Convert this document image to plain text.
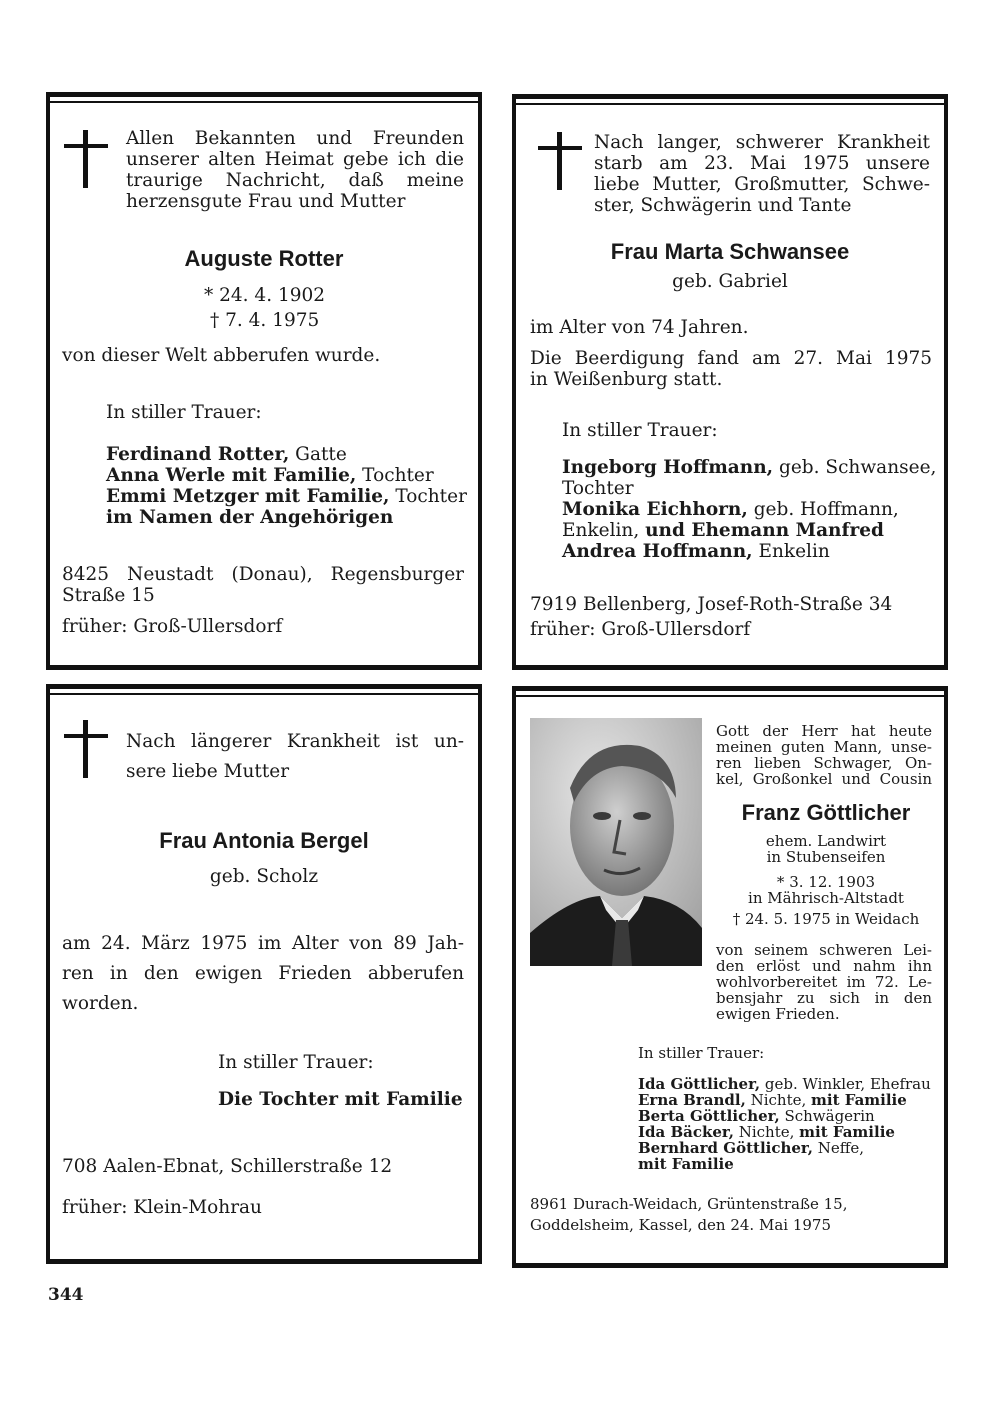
Allen Bekannten und Freunden
unserer alten Heimat gebe ich die
traurige Nachricht, daß meine
herzensgute Frau und Mutter
Auguste Rotter
* 24. 4. 1902
† 7. 4. 1975
von dieser Welt abberufen wurde.
In stiller Trauer:
Ferdinand Rotter, Gatte
Anna Werle mit Familie, Tochter
Emmi Metzger mit Familie, Tochter
im Namen der Angehörigen
8425 Neustadt (Donau), Regensburger
Straße 15
früher: Groß-Ullersdorf
Nach langer, schwerer Krankheit
starb am 23. Mai 1975 unsere
liebe Mutter, Großmutter, Schwe-
ster, Schwägerin und Tante
Frau Marta Schwansee
geb. Gabriel
im Alter von 74 Jahren.
Die Beerdigung fand am 27. Mai 1975
in Weißenburg statt.
In stiller Trauer:
Ingeborg Hoffmann, geb. Schwansee,
Tochter
Monika Eichhorn, geb. Hoffmann,
Enkelin, und Ehemann Manfred
Andrea Hoffmann, Enkelin
7919 Bellenberg, Josef-Roth-Straße 34
früher: Groß-Ullersdorf
Nach längerer Krankheit ist un-
sere liebe Mutter
Frau Antonia Bergel
geb. Scholz
am 24. März 1975 im Alter von 89 Jah-
ren in den ewigen Frieden abberufen
worden.
In stiller Trauer:
Die Tochter mit Familie
708 Aalen-Ebnat, Schillerstraße 12
früher: Klein-Mohrau
Gott der Herr hat heute
meinen guten Mann, unse-
ren lieben Schwager, On-
kel, Großonkel und Cousin
Franz Göttlicher
ehem. Landwirt
in Stubenseifen
* 3. 12. 1903
in Mährisch-Altstadt
† 24. 5. 1975 in Weidach
von seinem schweren Lei-
den erlöst und nahm ihn
wohlvorbereitet im 72. Le-
bensjahr zu sich in den
ewigen Frieden.
In stiller Trauer:
Ida Göttlicher, geb. Winkler, Ehefrau
Erna Brandl, Nichte, mit Familie
Berta Göttlicher, Schwägerin
Ida Bäcker, Nichte, mit Familie
Bernhard Göttlicher, Neffe,
mit Familie
8961 Durach-Weidach, Grüntenstraße 15,
Goddelsheim, Kassel, den 24. Mai 1975
344
